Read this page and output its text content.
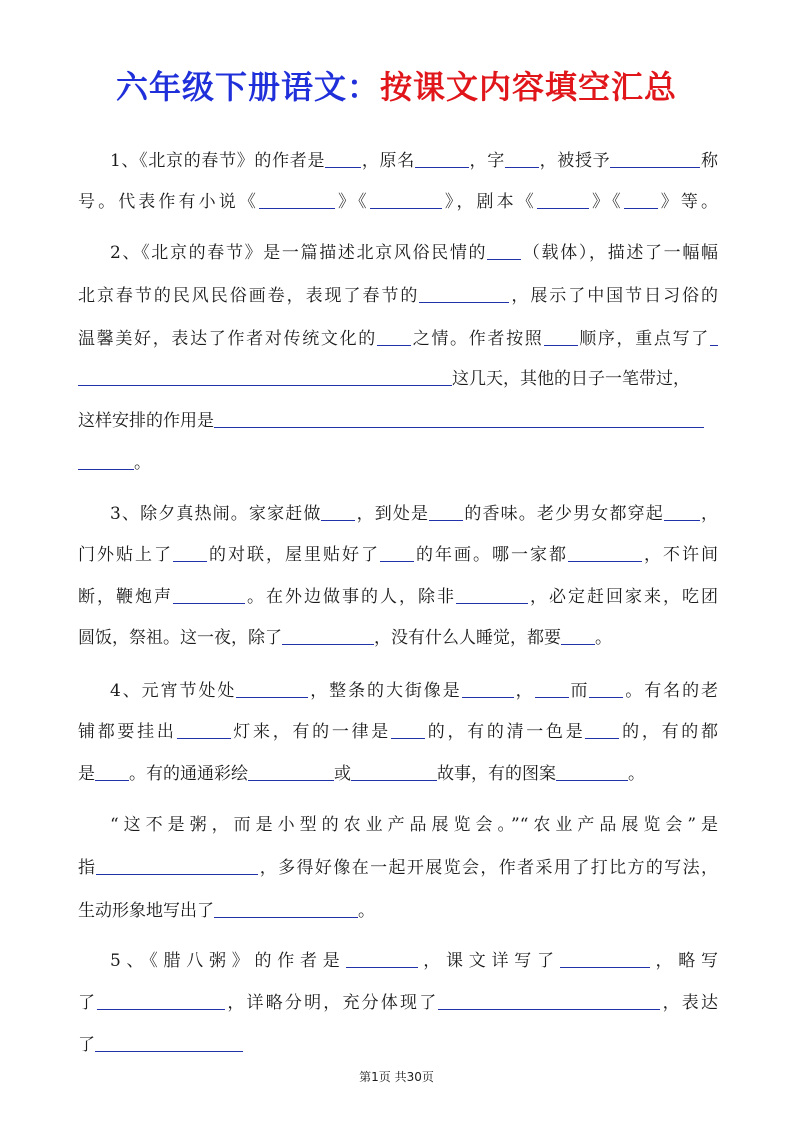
六年级下册语文：按课文内容填空汇总
1、《北京的春节》的作者是 ，原名	，字 ，被授予	称
号。代表作有小说《	》《	》，剧本《	》《 》等。
2、《北京的春节》是一篇描述北京风俗民情的 （载体），描述了一幅幅
北京春节的民风民俗画卷，表现了春节的	，展示了中国节日习俗的
温馨美好，表达了作者对传统文化的 之情。作者按照 顺序，重点写了
这几天，其他的日子一笔带过，
这样安排的作用是
。
3、除夕真热闹。家家赶做 ，到处是 的香味。老少男女都穿起 ，
门外贴上了 的对联，屋里贴好了 的年画。哪一家都	，不许间
断，鞭炮声	。在外边做事的人，除非	，必定赶回家来，吃团
圆饭，祭祖。这一夜，除了	，没有什么人睡觉，都要 。
4、元宵节处处	，整条的大街像是	， 而 。有名的老
铺都要挂出	灯来，有的一律是 的，有的清一色是 的，有的都
是 。有的通通彩绘	或	故事，有的图案	。
“这不是粥，而是小型的农业产品展览会。”“农业产品展览会”是
指	，多得好像在一起开展览会，作者采用了打比方的写法，
生动形象地写出了	。
5、《腊八粥》的作者是	，课文详写了	，略写
了	，详略分明，充分体现了	，表达
了
第1页 共30页
